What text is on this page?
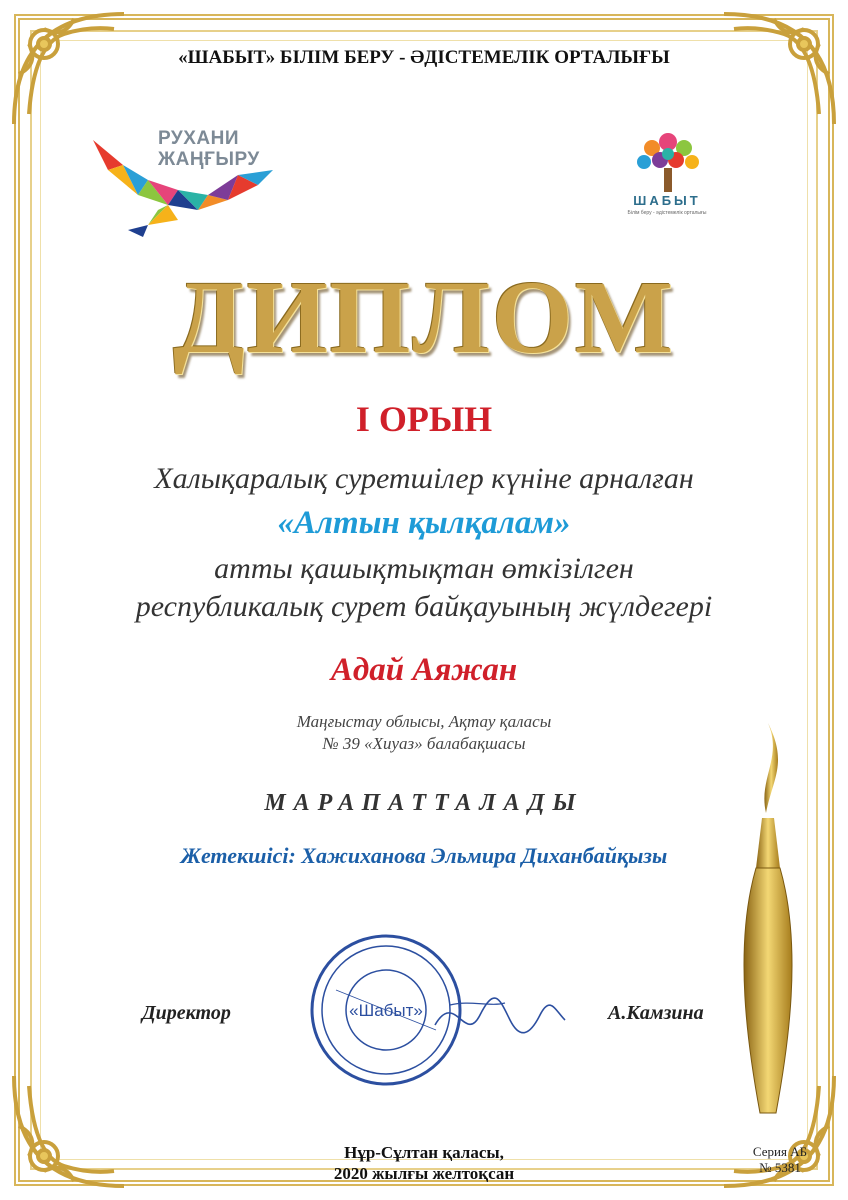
«ШАБЫТ» БІЛІМ БЕРУ - ӘДІСТЕМЕЛІК ОРТАЛЫҒЫ
РУХАНИ
ЖАҢҒЫРУ
ШАБЫТ
Білім беру - әдістемелік орталығы
ДИПЛОМ
I ОРЫН
Халықаралық суретшілер күніне арналған
«Алтын қылқалам»
атты қашықтықтан өткізілген
республикалық сурет байқауының жүлдегері
Адай Аяжан
Маңғыстау облысы, Ақтау қаласы
№ 39 «Хиуаз» балабақшасы
МАРАПАТТАЛАДЫ
Жетекшісі: Хажиханова Эльмира Диханбайқызы
Директор	«Шабыт»	А.Камзина
Нұр-Сұлтан қаласы,
2020 жылғы желтоқсан
Серия АБ
№ 5381
